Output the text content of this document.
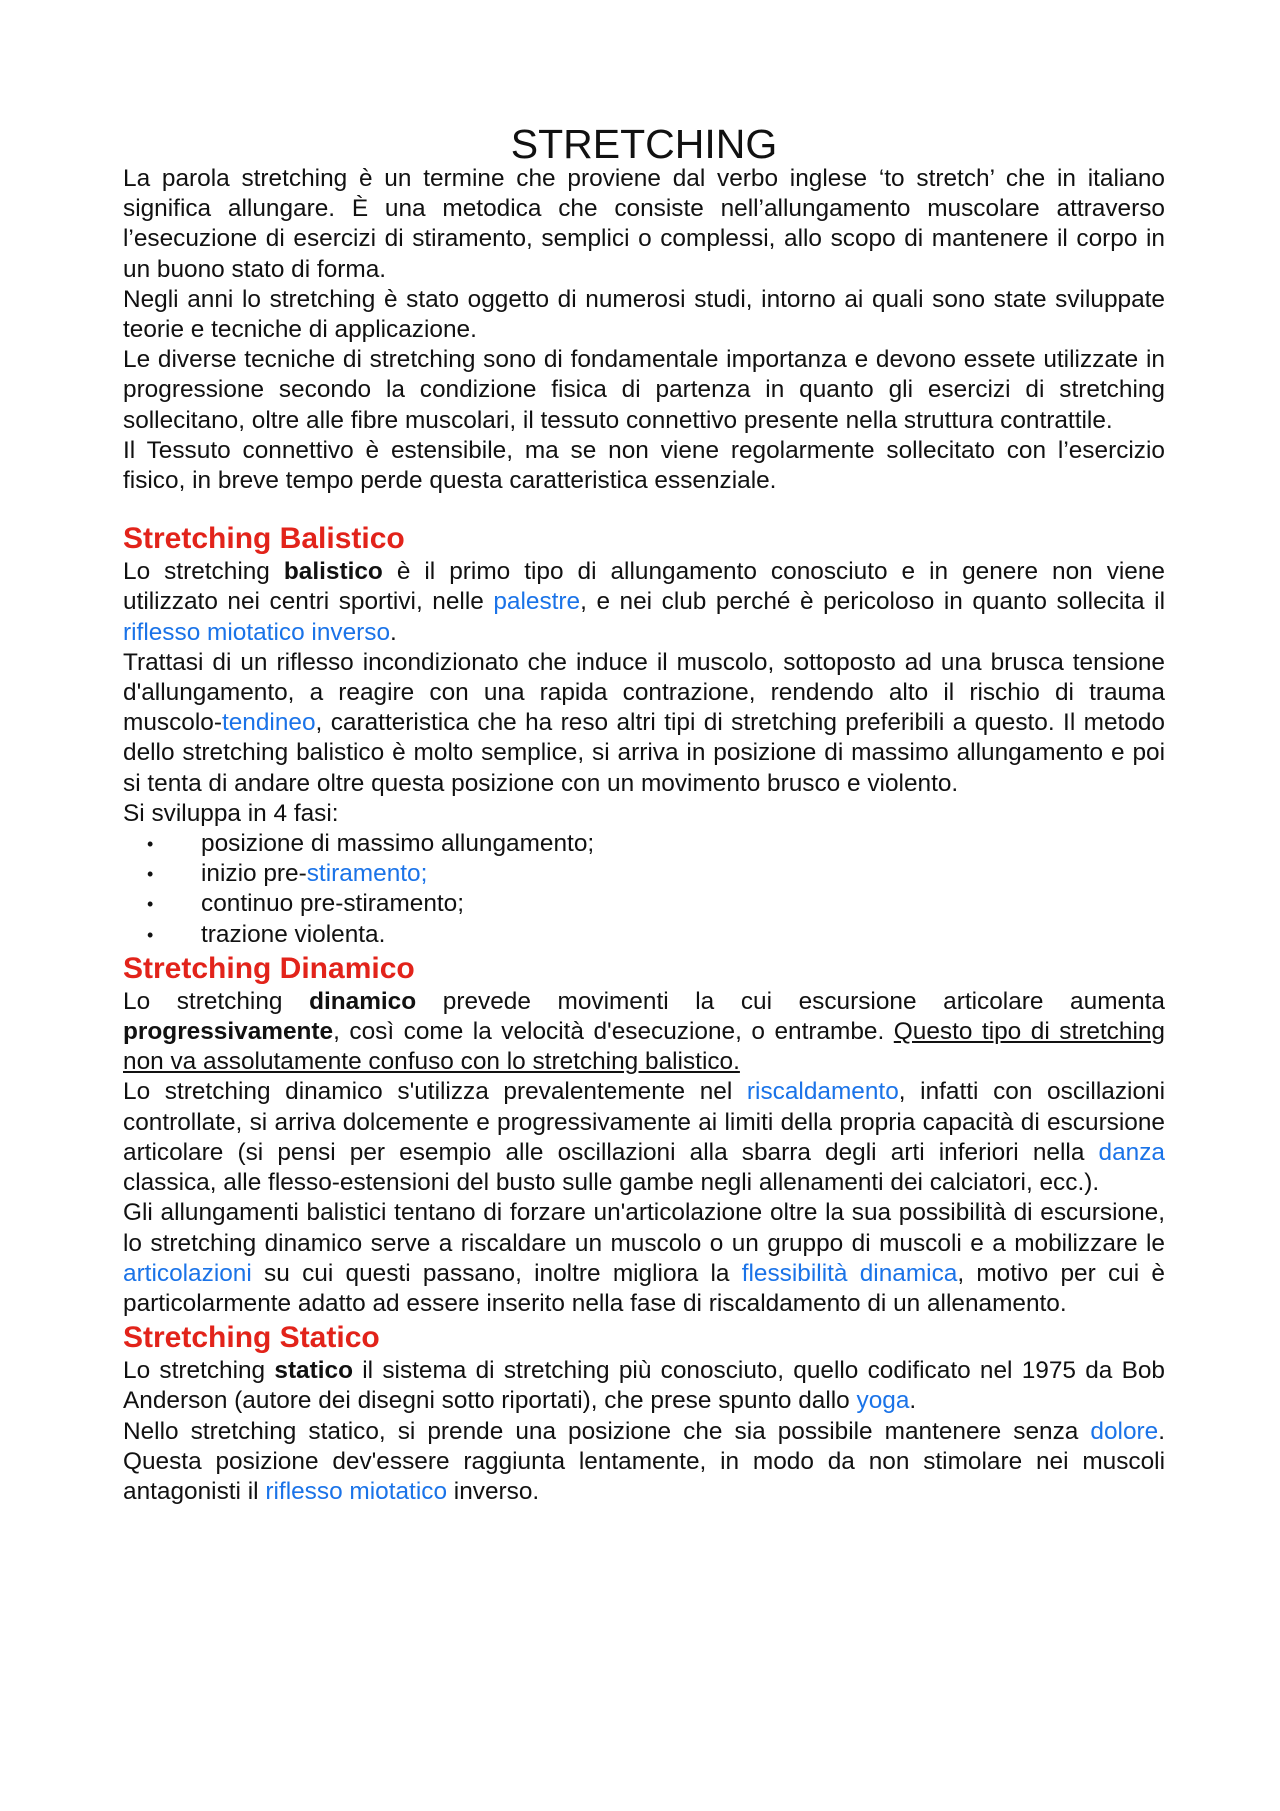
STRETCHING

La parola stretching è un termine che proviene dal verbo inglese ‘to stretch’ che in italiano significa allungare. È una metodica che consiste nell’allungamento muscolare attraverso l’esecuzione di esercizi di stiramento, semplici o complessi, allo scopo di mantenere il corpo in un buono stato di forma.

Negli anni lo stretching è stato oggetto di numerosi studi, intorno ai quali sono state sviluppate teorie e tecniche di applicazione.

Le diverse tecniche di stretching sono di fondamentale importanza e devono essete utilizzate in progressione secondo la condizione fisica di partenza in quanto gli esercizi di stretching sollecitano, oltre alle fibre muscolari, il tessuto connettivo presente nella struttura contrattile.

Il Tessuto connettivo è estensibile, ma se non viene regolarmente sollecitato con l’esercizio fisico, in breve tempo perde questa caratteristica essenziale.

Stretching Balistico

Lo stretching balistico è il primo tipo di allungamento conosciuto e in genere non viene utilizzato nei centri sportivi, nelle palestre, e nei club perché è pericoloso in quanto sollecita il riflesso miotatico inverso.

Trattasi di un riflesso incondizionato che induce il muscolo, sottoposto ad una brusca tensione d'allungamento, a reagire con una rapida contrazione, rendendo alto il rischio di trauma muscolo-tendineo, caratteristica che ha reso altri tipi di stretching preferibili a questo. Il metodo dello stretching balistico è molto semplice, si arriva in posizione di massimo allungamento e poi si tenta di andare oltre questa posizione con un movimento brusco e violento.

Si sviluppa in 4 fasi:

• posizione di massimo allungamento;
• inizio pre-stiramento;
• continuo pre-stiramento;
• trazione violenta.
Stretching Dinamico

Lo stretching dinamico prevede movimenti la cui escursione articolare aumenta progressivamente, così come la velocità d'esecuzione, o entrambe. Questo tipo di stretching non va assolutamente confuso con lo stretching balistico.

Lo stretching dinamico s'utilizza prevalentemente nel riscaldamento, infatti con oscillazioni controllate, si arriva dolcemente e progressivamente ai limiti della propria capacità di escursione articolare (si pensi per esempio alle oscillazioni alla sbarra degli arti inferiori nella danza classica, alle flesso-estensioni del busto sulle gambe negli allenamenti dei calciatori, ecc.).

Gli allungamenti balistici tentano di forzare un'articolazione oltre la sua possibilità di escursione, lo stretching dinamico serve a riscaldare un muscolo o un gruppo di muscoli e a mobilizzare le articolazioni su cui questi passano, inoltre migliora la flessibilità dinamica, motivo per cui è particolarmente adatto ad essere inserito nella fase di riscaldamento di un allenamento.

Stretching Statico

Lo stretching statico il sistema di stretching più conosciuto, quello codificato nel 1975 da Bob Anderson (autore dei disegni sotto riportati), che prese spunto dallo yoga.

Nello stretching statico, si prende una posizione che sia possibile mantenere senza dolore. Questa posizione dev'essere raggiunta lentamente, in modo da non stimolare nei muscoli antagonisti il riflesso miotatico inverso.
